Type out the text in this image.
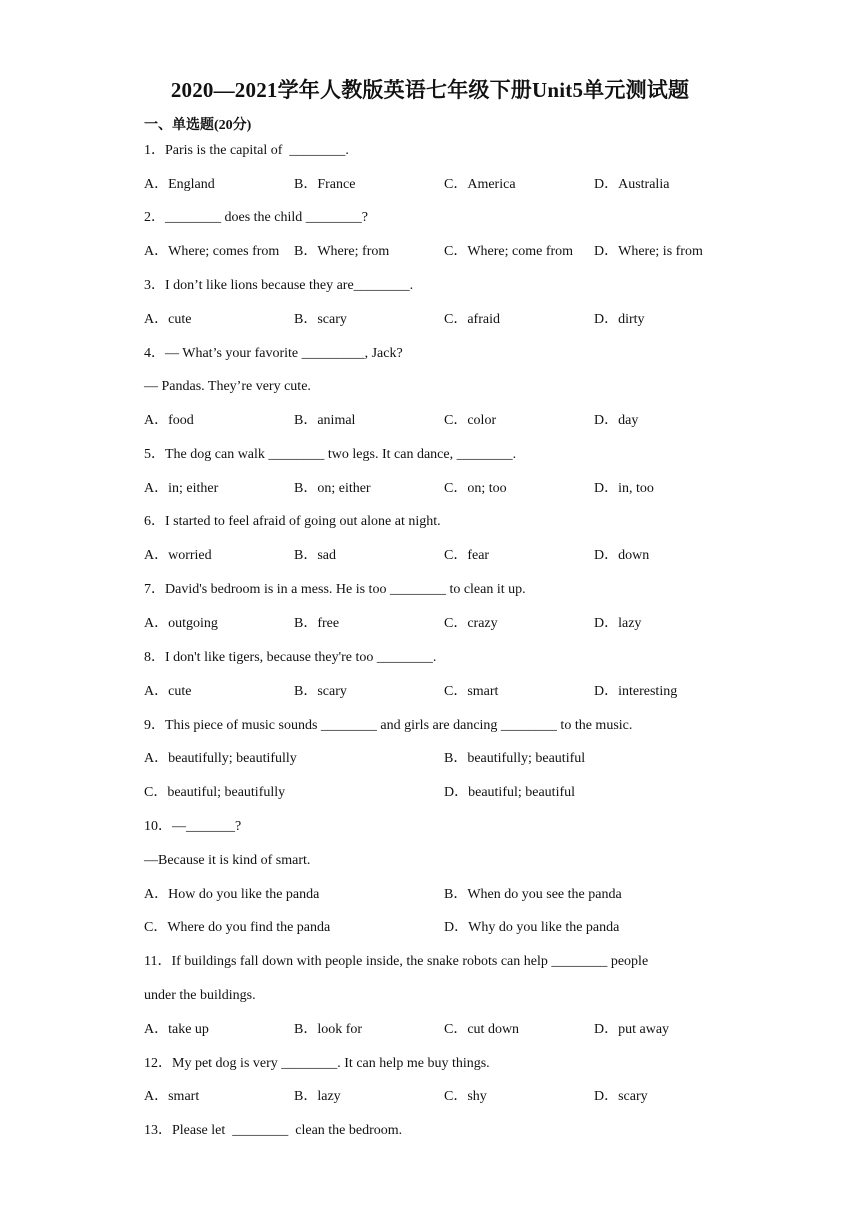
2020—2021学年人教版英语七年级下册Unit5单元测试题
一、单选题(20分)
1．Paris is the capital of  ________.
A．England	B．France	C．America	D．Australia
2．________ does the child ________?
A．Where; comes from B．Where; from	C．Where; come from D．Where; is from
3．I don’t like lions because they are________.
A．cute	B．scary	C．afraid	D．dirty
4．— What’s your favorite _________, Jack?
— Pandas. They’re very cute.
A．food	B．animal	C．color	D．day
5．The dog can walk ________ two legs. It can dance, ________.
A．in; either	B．on; either	C．on; too	D．in, too
6．I started to feel afraid of going out alone at night.
A．worried	B．sad	C．fear	D．down
7．David's bedroom is in a mess. He is too ________ to clean it up.
A．outgoing	B．free	C．crazy	D．lazy
8．I don't like tigers, because they're too ________.
A．cute	B．scary	C．smart	D．interesting
9．This piece of music sounds ________ and girls are dancing ________ to the music.
A．beautifully; beautifully	B．beautifully; beautiful
C．beautiful; beautifully	D．beautiful; beautiful
10．—_______?
—Because it is kind of smart.
A．How do you like the panda	B．When do you see the panda
C．Where do you find the panda	D．Why do you like the panda
11．If buildings fall down with people inside, the snake robots can help ________ people
under the buildings.
A．take up	B．look for	C．cut down	D．put away
12．My pet dog is very ________. It can help me buy things.
A．smart	B．lazy	C．shy	D．scary
13．Please let  ________  clean the bedroom.
